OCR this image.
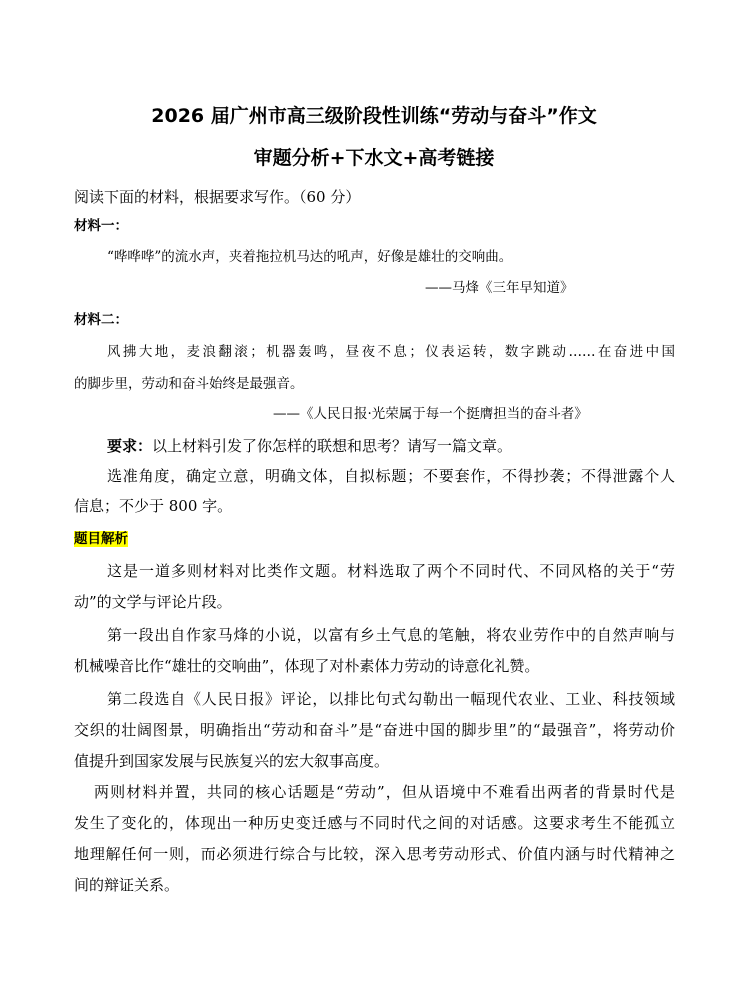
2026 届广州市高三级阶段性训练“劳动与奋斗”作文
审题分析+下水文+高考链接
阅读下面的材料，根据要求写作。（60 分）
材料一：
“哗哗哗”的流水声，夹着拖拉机马达的吼声，好像是雄壮的交响曲。
——马烽《三年早知道》
材料二：
风拂大地，麦浪翻滚；机器轰鸣，昼夜不息；仪表运转，数字跳动……在奋进中国
的脚步里，劳动和奋斗始终是最强音。
——《人民日报·光荣属于每一个挺膺担当的奋斗者》
要求：以上材料引发了你怎样的联想和思考？请写一篇文章。
选准角度，确定立意，明确文体，自拟标题；不要套作，不得抄袭；不得泄露个人
信息；不少于 800 字。
题目解析
这是一道多则材料对比类作文题。材料选取了两个不同时代、不同风格的关于“劳
动”的文学与评论片段。
第一段出自作家马烽的小说，以富有乡土气息的笔触，将农业劳作中的自然声响与
机械噪音比作“雄壮的交响曲”，体现了对朴素体力劳动的诗意化礼赞。
第二段选自《人民日报》评论，以排比句式勾勒出一幅现代农业、工业、科技领域
交织的壮阔图景，明确指出“劳动和奋斗”是“奋进中国的脚步里”的“最强音”，将劳动价
值提升到国家发展与民族复兴的宏大叙事高度。
两则材料并置，共同的核心话题是“劳动”，但从语境中不难看出两者的背景时代是
发生了变化的，体现出一种历史变迁感与不同时代之间的对话感。这要求考生不能孤立
地理解任何一则，而必须进行综合与比较，深入思考劳动形式、价值内涵与时代精神之
间的辩证关系。
